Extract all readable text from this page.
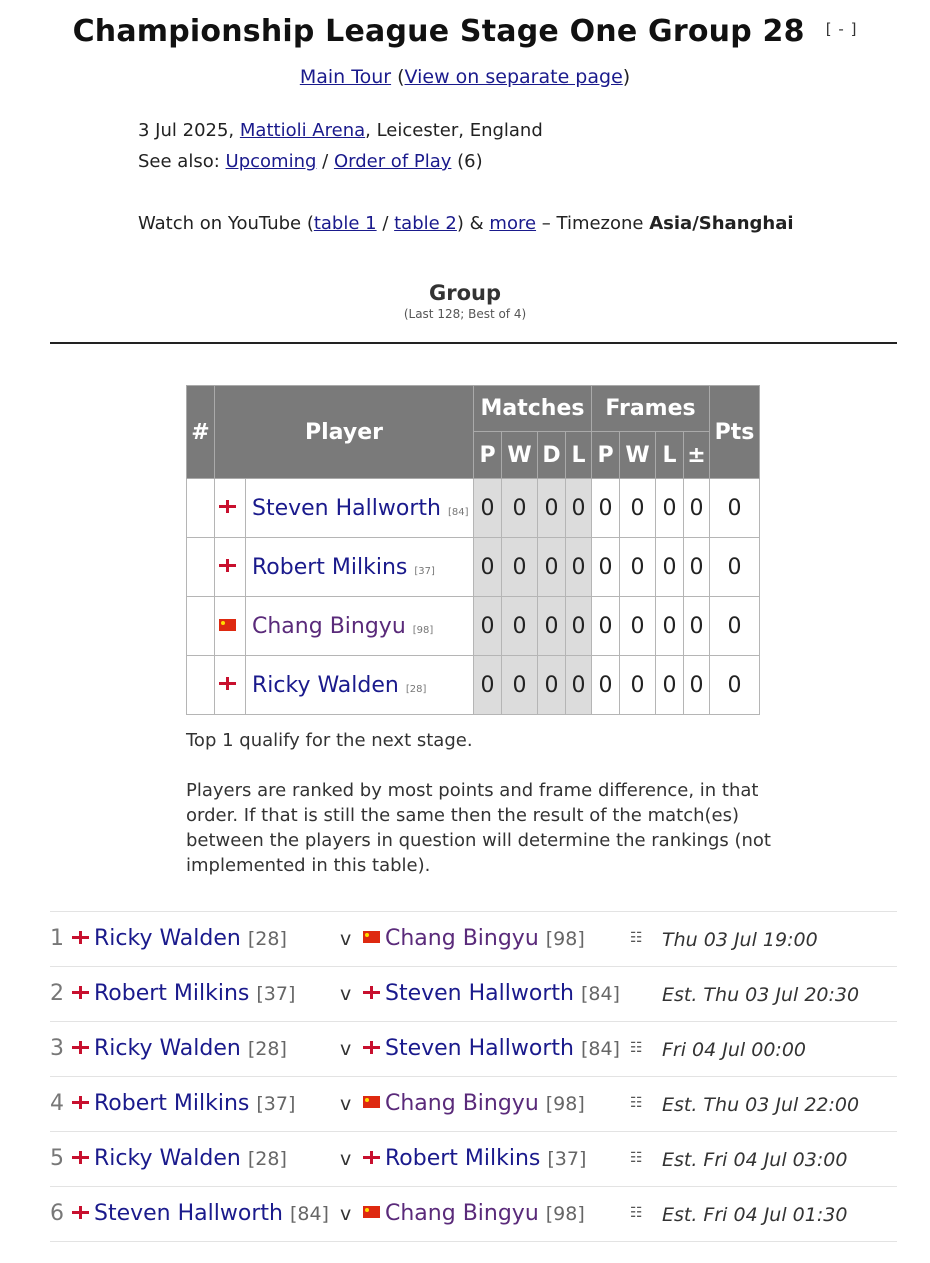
Championship League Stage One Group 28 [ - ]
Main Tour (View on separate page)
3 Jul 2025, Mattioli Arena, Leicester, England
See also: Upcoming / Order of Play (6)
Watch on YouTube (table 1 / table 2) & more – Timezone Asia/Shanghai
Group
(Last 128; Best of 4)
#	Player		Matches				Frames				Pts
			P	W	D	L	P	W	L	±	
		Steven Hallworth [84]	0	0	0	0	0	0	0	0	0
		Robert Milkins [37]	0	0	0	0	0	0	0	0	0
		Chang Bingyu [98]	0	0	0	0	0	0	0	0	0
		Ricky Walden [28]	0	0	0	0	0	0	0	0	0
Top 1 qualify for the next stage.
Players are ranked by most points and frame difference, in that order. If that is still the same then the result of the match(es) between the players in question will determine the rankings (not implemented in this table).
1	Ricky Walden [28]	v	Chang Bingyu [98]	☷ Thu 03 Jul 19:00
2	Robert Milkins [37] v	Steven Hallworth [84] Est. Thu 03 Jul 20:30
3	Ricky Walden [28]	v	Steven Hallworth [84] ☷ Fri 04 Jul 00:00
4	Robert Milkins [37] v	Chang Bingyu [98]	☷ Est. Thu 03 Jul 22:00
5	Ricky Walden [28]	v	Robert Milkins [37]	☷ Est. Fri 04 Jul 03:00
6	Steven Hallworth [84] v	Chang Bingyu [98]	☷ Est. Fri 04 Jul 01:30
